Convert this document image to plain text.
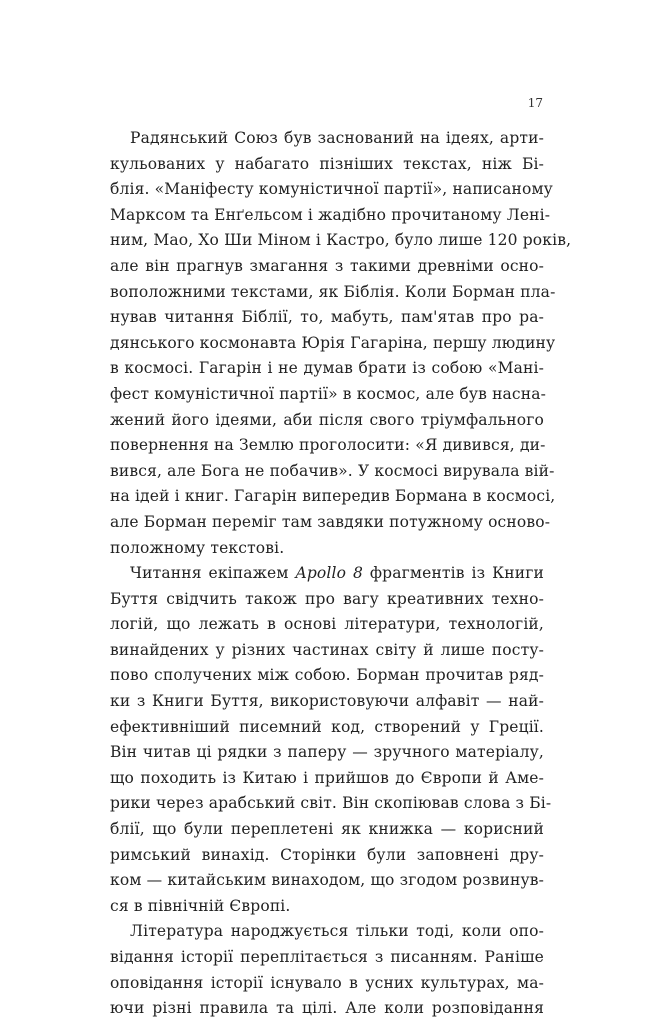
17
Радянський Союз був заснований на ідеях, арти-
кульованих у набагато пізніших текстах, ніж Бі-
блія. «Маніфесту комуністичної партії», написаному
Марксом та Енґельсом і жадібно прочитаному Лені-
ним, Мао, Хо Ши Міном і Кастро, було лише 120 років,
але він прагнув змагання з такими древніми осно-
воположними текстами, як Біблія. Коли Борман пла-
нував читання Біблії, то, мабуть, пам'ятав про ра-
дянського космонавта Юрія Гагаріна, першу людину
в космосі. Гагарін і не думав брати із собою «Мані-
фест комуністичної партії» в космос, але був насна-
жений його ідеями, аби після свого тріумфального
повернення на Землю проголосити: «Я дивився, ди-
вився, але Бога не побачив». У космосі вирувала вій-
на ідей і книг. Гагарін випередив Бормана в космосі,
але Борман переміг там завдяки потужному осново-
положному текстові.
Читання екіпажем Apollo 8 фрагментів із Книги
Буття свідчить також про вагу креативних техно-
логій, що лежать в основі літератури, технологій,
винайдених у різних частинах світу й лише посту-
пово сполучених між собою. Борман прочитав ряд-
ки з Книги Буття, використовуючи алфавіт — най-
ефективніший писемний код, створений у Греції.
Він читав ці рядки з паперу — зручного матеріалу,
що походить із Китаю і прийшов до Європи й Аме-
рики через арабський світ. Він скопіював слова з Бі-
блії, що були переплетені як книжка — корисний
римський винахід. Сторінки були заповнені дру-
ком — китайським винаходом, що згодом розвинув-
ся в північній Європі.
Література народжується тільки тоді, коли опо-
відання історії переплітається з писанням. Раніше
оповідання історії існувало в усних культурах, ма-
ючи різні правила та цілі. Але коли розповідання
